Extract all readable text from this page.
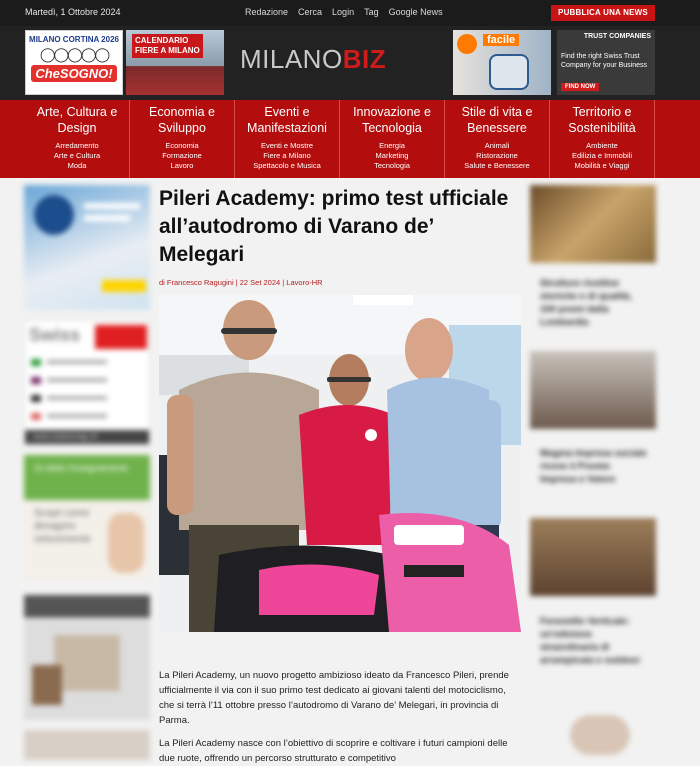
Martedì, 1 Ottobre 2024	Redazione Cerca Login Tag Google News	PUBBLICA UNA NEWS
MILANO CORTINA 2026
◯◯◯◯◯
CheSOGNO!
CALENDARIO
FIERE A MILANO MILANOBIZ
facile	TRUST COMPANIES
Find the right Swiss Trust Company for your Business
FIND NOW
Arte, Cultura e Design
Arredamento
Arte e Cultura
Moda
Economia e Sviluppo
Economia
Formazione
Lavoro
Eventi e Manifestazioni
Eventi e Mostre
Fiere a Milano
Spettacolo e Musica
Innovazione e Tecnologia
Energia
Marketing
Tecnologia
Stile di vita e Benessere
Animali
Ristorazione
Salute e Benessere
Territorio e Sostenibilità
Ambiente
Edilizia e Immobili
Mobilità e Viaggi
Swiss
www.swissmag.ch
Gi detto l'insegnamento
Scopri come dimagrire velocemente
Strutture ricettive storiche e di qualità, 100 premi dalla Lombardia
Magma Impresa sociale riceve il Premio Impresa e Valore
Fenomillo Verticale: un'edizione straordinaria di arrampicata e outdoor
Pileri Academy: primo test ufficiale all’autodromo di Varano de’ Melegari
di Francesco Ragugini | 22 Set 2024 | Lavoro-HR

La Pileri Academy, un nuovo progetto ambizioso ideato da Francesco Pileri, prende ufficialmente il via con il suo primo test dedicato ai giovani talenti del motociclismo, che si terrà l’11 ottobre presso l’autodromo di Varano de’ Melegari, in provincia di Parma.

La Pileri Academy nasce con l’obiettivo di scoprire e coltivare i futuri campioni delle due ruote, offrendo un percorso strutturato e competitivo
